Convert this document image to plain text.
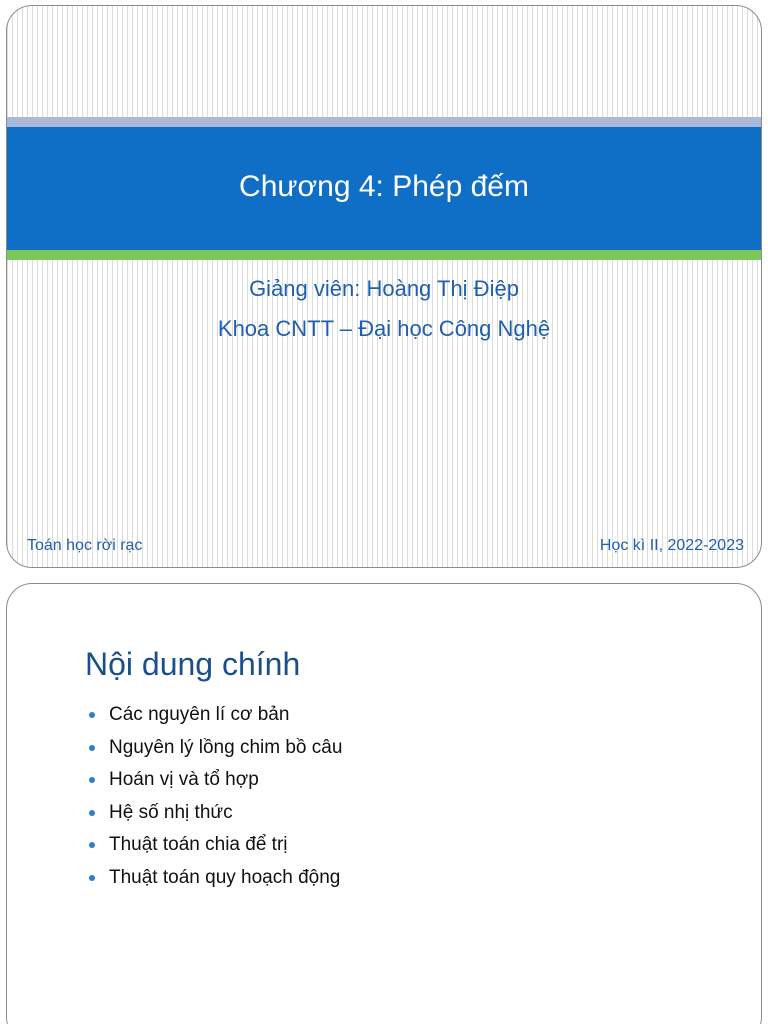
Chương 4: Phép đếm
Giảng viên: Hoàng Thị Điệp
Khoa CNTT – Đại học Công Nghệ
Toán học rời rạc	Học kì II, 2022-2023
Nội dung chính
Các nguyên lí cơ bản
Nguyên lý lồng chim bồ câu
Hoán vị và tổ hợp
Hệ số nhị thức
Thuật toán chia để trị
Thuật toán quy hoạch động
